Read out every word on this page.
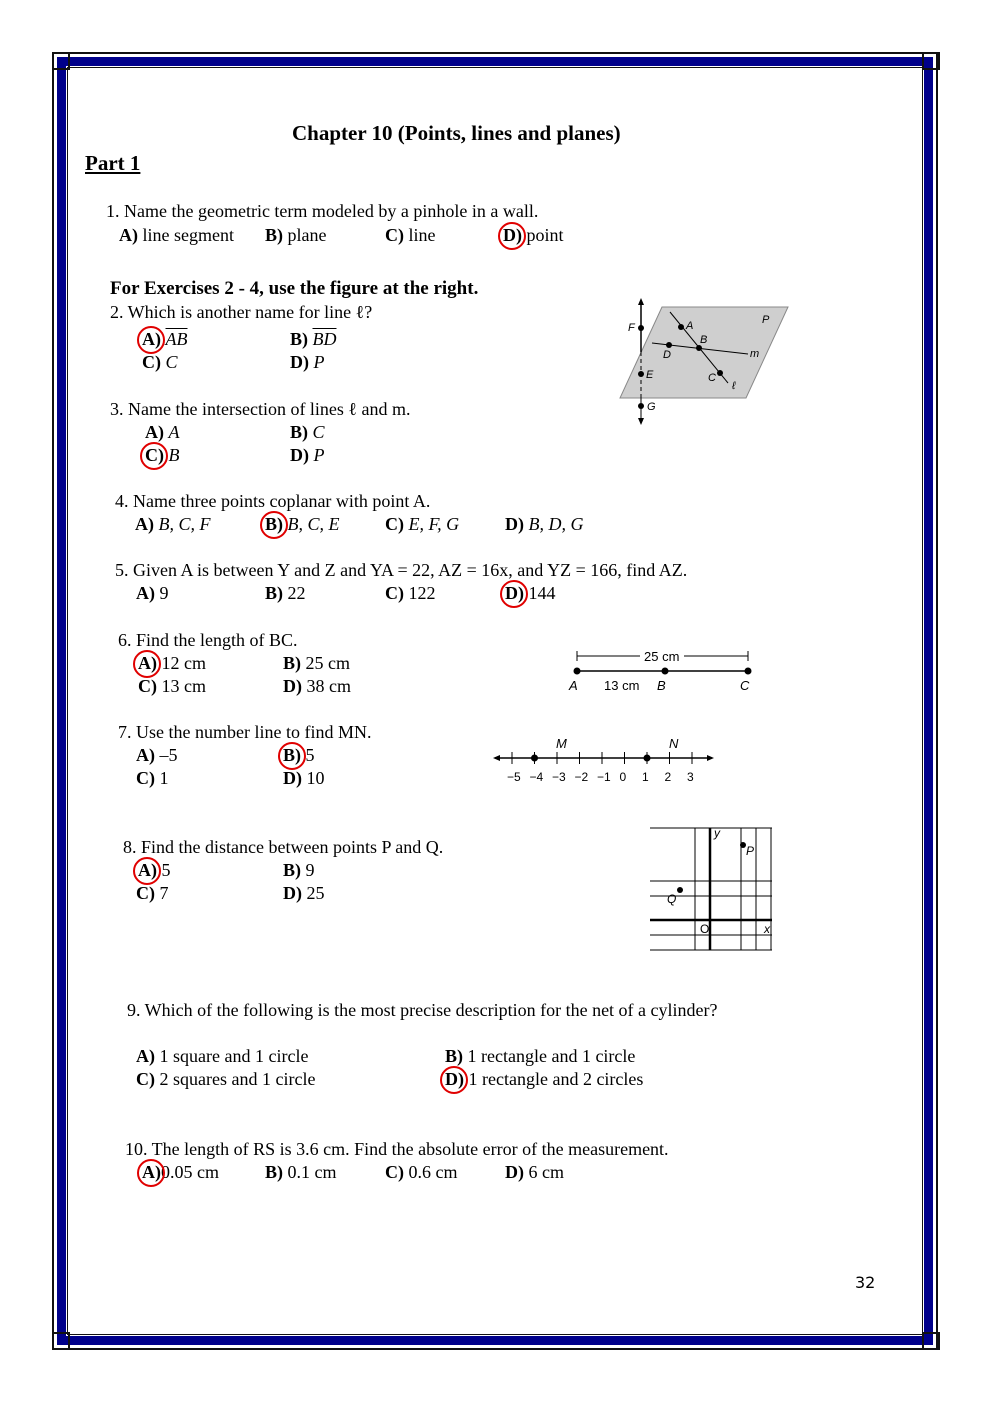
Chapter 10 (Points, lines and planes)
Part 1
1. Name the geometric term modeled by a pinhole in a wall.
A) line segment B) plane	C) line	D) point
For Exercises 2 - 4, use the figure at the right.
2. Which is another name for line ℓ?
A) $\overline{AB}$	B) $\overline{BD}$
C) C	D) P
3. Name the intersection of lines ℓ and m.
A) A	B) C
C) B	D) P
4. Name three points coplanar with point A.
A) B, C, F	B) B, C, E	C) E, F, G	D) B, D, G
5. Given A is between Y and Z and YA = 22, AZ = 16x, and YZ = 166, find AZ.
A) 9	B) 22	C) 122	D) 144
6. Find the length of BC.
A) 12 cm	B) 25 cm
C) 13 cm	D) 38 cm
7. Use the number line to find MN.
A) –5	B) 5
C) 1	D) 10
8. Find the distance between points P and Q.
A) 5	B) 9
C) 7	D) 25
9. Which of the following is the most precise description for the net of a cylinder?
A) 1 square and 1 circle	B) 1 rectangle and 1 circle
C) 2 squares and 1 circle	D) 1 rectangle and 2 circles
10. The length of RS is 3.6 cm. Find the absolute error of the measurement.
A)0.05 cm	B) 0.1 cm	C) 0.6 cm	D) 6 cm
32
F	A
B
D	m
E	C
ℓ
G
P
25 cm
13 cm
A	B	C
M	N
−5 −4 −3 −2 −1 0 1 2 3
y
P
Q
O	x
